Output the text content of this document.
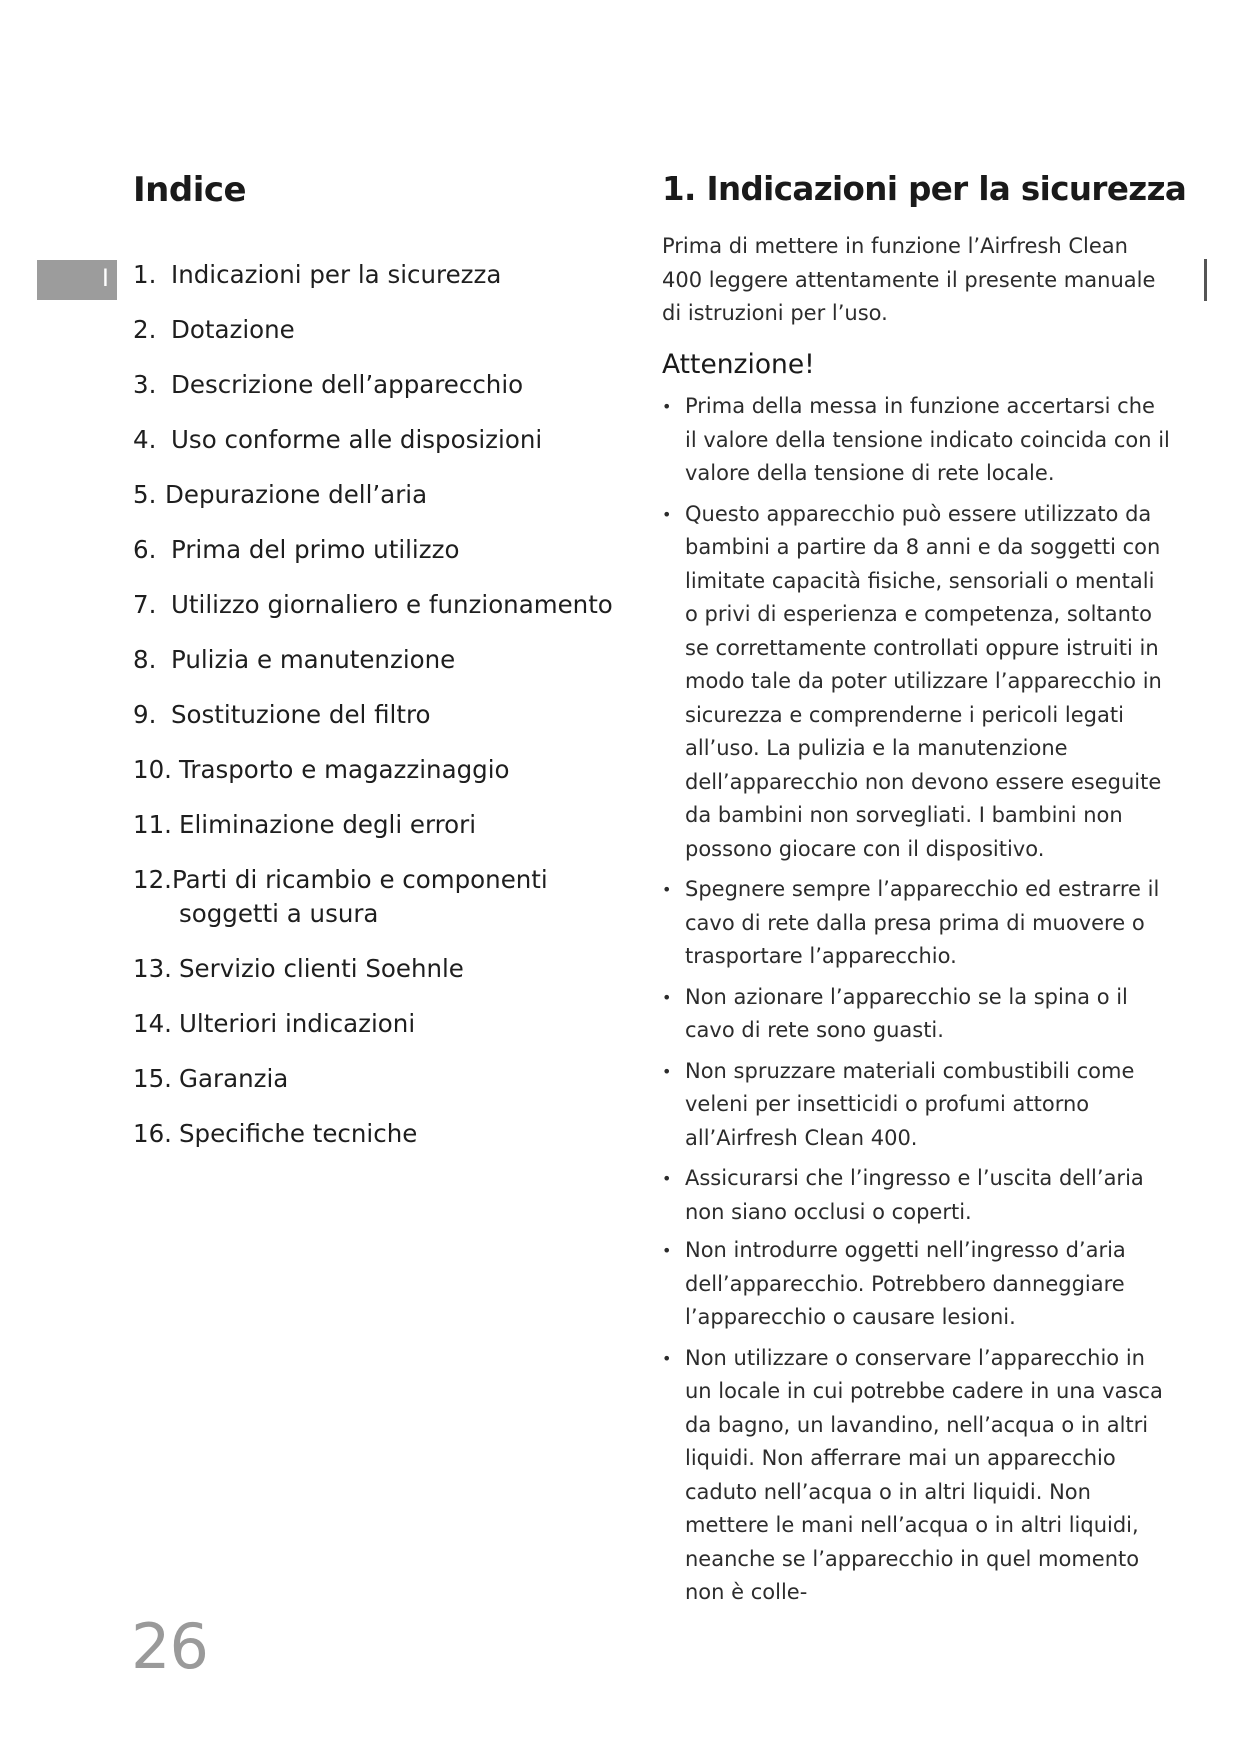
I
Indice
1. Indicazioni per la sicurezza
2. Dotazione
3. Descrizione dell’apparecchio
4. Uso conforme alle disposizioni
5. Depurazione dell’aria
6. Prima del primo utilizzo
7. Utilizzo giornaliero e funzionamento
8. Pulizia e manutenzione
9. Sostituzione del filtro
10. Trasporto e magazzinaggio
11. Eliminazione degli errori
12.Parti di ricambio e componenti
soggetti a usura
13. Servizio clienti Soehnle
14. Ulteriori indicazioni
15. Garanzia
16. Specifiche tecniche
1. Indicazioni per la sicurezza

Prima di mettere in funzione l’Airfresh Clean 400 leggere attentamente il presente manuale di istruzioni per l’uso.

Attenzione!
• Prima della messa in funzione accertarsi che il valore della tensione indicato coincida con il valore della tensione di rete locale.
• Questo apparecchio può essere utilizzato da bambini a partire da 8 anni e da soggetti con limitate capacità fisiche, sensoriali o mentali o privi di esperienza e competenza, soltanto se correttamente controllati oppure istruiti in modo tale da poter utilizzare l’apparecchio in sicurezza e comprenderne i pericoli legati all’uso. La pulizia e la manutenzione dell’apparecchio non devono essere eseguite da bambini non sorvegliati. I bambini non possono giocare con il dispositivo.
• Spegnere sempre l’apparecchio ed estrarre il cavo di rete dalla presa prima di muovere o trasportare l’apparecchio.
• Non azionare l’apparecchio se la spina o il cavo di rete sono guasti.
• Non spruzzare materiali combustibili come veleni per insetticidi o profumi attorno all’Airfresh Clean 400.
• Assicurarsi che l’ingresso e l’uscita dell’aria non siano occlusi o coperti.
• Non introdurre oggetti nell’ingresso d’aria dell’apparecchio. Potrebbero danneggiare l’apparecchio o causare lesioni.
• Non utilizzare o conservare l’apparecchio in un locale in cui potrebbe cadere in una vasca da bagno, un lavandino, nell’acqua o in altri liquidi. Non afferrare mai un apparecchio caduto nell’acqua o in altri liquidi. Non mettere le mani nell’acqua o in altri liquidi, neanche se l’apparecchio in quel momento non è colle-

26
